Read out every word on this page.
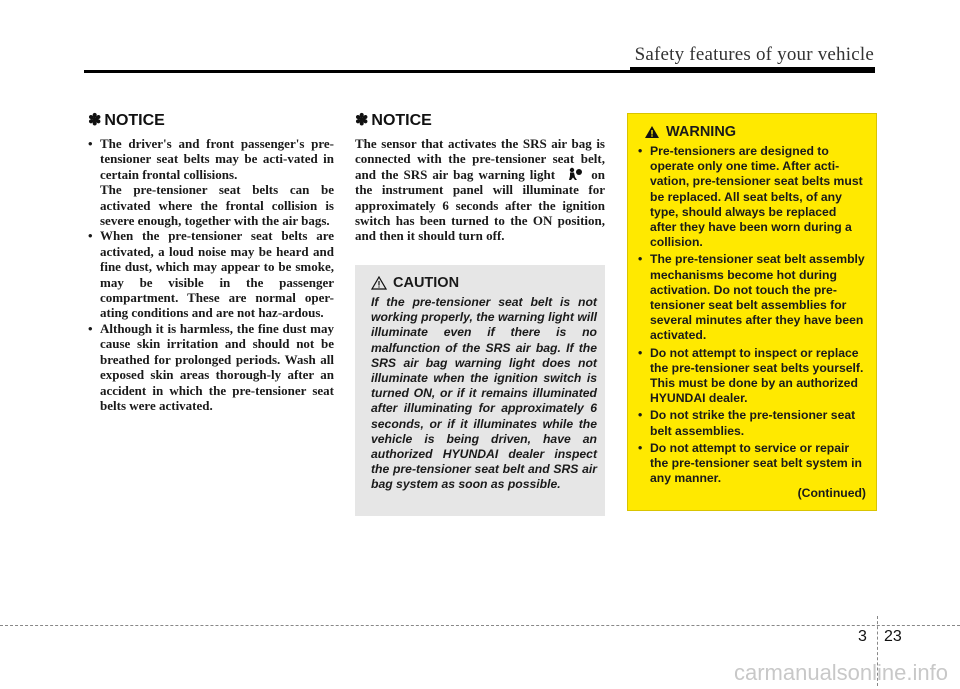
Safety features of your vehicle
✽ NOTICE
• The driver's and front passenger's pre-tensioner seat belts may be acti-vated in certain frontal collisions.
The pre-tensioner seat belts can be activated where the frontal collision is severe enough, together with the air bags.
• When the pre-tensioner seat belts are activated, a loud noise may be heard and fine dust, which may appear to be smoke, may be visible in the passenger compartment. These are normal oper-ating conditions and are not haz-ardous.
• Although it is harmless, the fine dust may cause skin irritation and should not be breathed for prolonged periods. Wash all exposed skin areas thorough-ly after an accident in which the pre-tensioner seat belts were activated.
✽ NOTICE

The sensor that activates the SRS air bag is connected with the pre-tensioner seat belt, and the SRS air bag warning light	on the instrument panel will illuminate for approximately 6 seconds after the ignition switch has been turned to the ON position, and then it should turn off.

CAUTION

If the pre-tensioner seat belt is not working properly, the warning light will illuminate even if there is no malfunction of the SRS air bag. If the SRS air bag warning light does not illuminate when the ignition switch is turned ON, or if it remains illuminated after illuminating for approximately 6 seconds, or if it illuminates while the vehicle is being driven, have an authorized HYUNDAI dealer inspect the pre-tensioner seat belt and SRS air bag system as soon as possible.

WARNING
• Pre-tensioners are designed to operate only one time. After acti-vation, pre-tensioner seat belts must be replaced. All seat belts, of any type, should always be replaced after they have been worn during a collision.
• The pre-tensioner seat belt assembly mechanisms become hot during activation. Do not touch the pre-tensioner seat belt assemblies for several minutes after they have been activated.
• Do not attempt to inspect or replace the pre-tensioner seat belts yourself. This must be done by an authorized HYUNDAI dealer.
• Do not strike the pre-tensioner seat belt assemblies.
• Do not attempt to service or repair the pre-tensioner seat belt system in any manner.
(Continued)
3 23
carmanualsonline.info
